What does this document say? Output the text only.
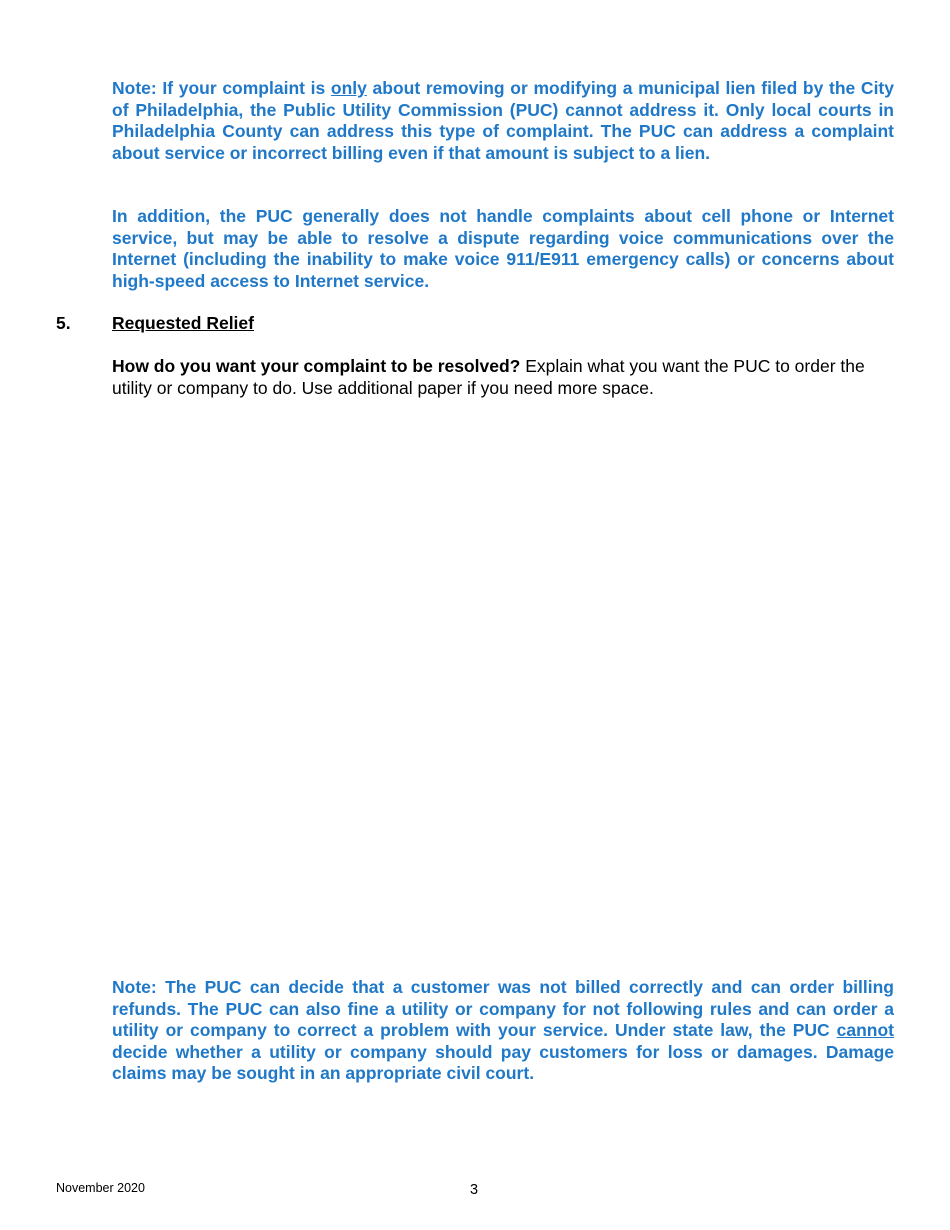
Note: If your complaint is only about removing or modifying a municipal lien filed by the City of Philadelphia, the Public Utility Commission (PUC) cannot address it. Only local courts in Philadelphia County can address this type of complaint. The PUC can address a complaint about service or incorrect billing even if that amount is subject to a lien.

In addition, the PUC generally does not handle complaints about cell phone or Internet service, but may be able to resolve a dispute regarding voice communications over the Internet (including the inability to make voice 911/E911 emergency calls) or concerns about high-speed access to Internet service.

5. Requested Relief

How do you want your complaint to be resolved? Explain what you want the PUC to order the utility or company to do. Use additional paper if you need more space.

Note: The PUC can decide that a customer was not billed correctly and can order billing refunds. The PUC can also fine a utility or company for not following rules and can order a utility or company to correct a problem with your service. Under state law, the PUC cannot decide whether a utility or company should pay customers for loss or damages. Damage claims may be sought in an appropriate civil court.

November 2020	3
